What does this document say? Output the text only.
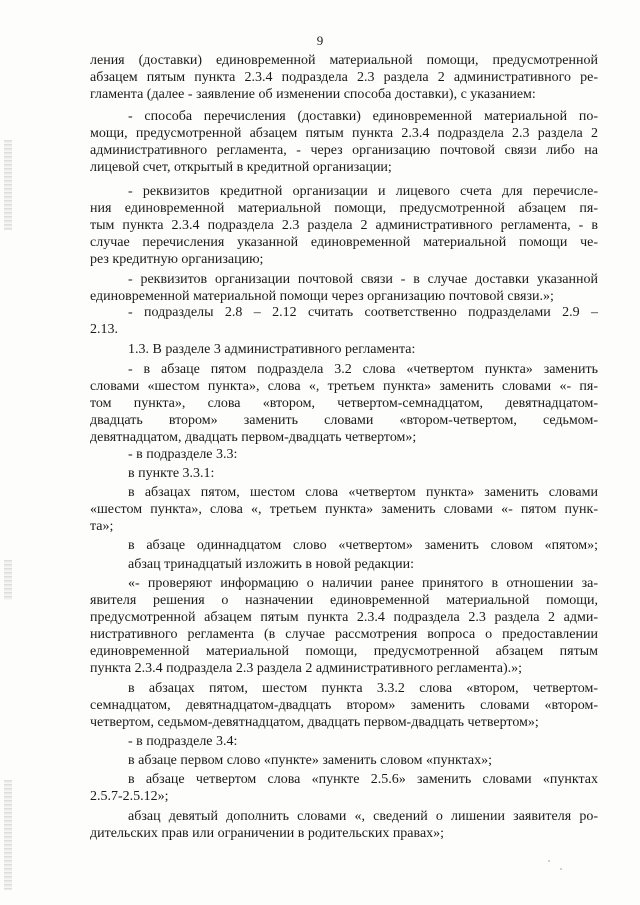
9
ления (доставки) единовременной материальной помощи, предусмотренной
абзацем пятым пункта 2.3.4 подраздела 2.3 раздела 2 административного ре-
гламента (далее - заявление об изменении способа доставки), с указанием:
- способа перечисления (доставки) единовременной материальной по-
мощи, предусмотренной абзацем пятым пункта 2.3.4 подраздела 2.3 раздела 2
административного регламента, - через организацию почтовой связи либо на
лицевой счет, открытый в кредитной организации;
- реквизитов кредитной организации и лицевого счета для перечисле-
ния единовременной материальной помощи, предусмотренной абзацем пя-
тым пункта 2.3.4 подраздела 2.3 раздела 2 административного регламента, - в
случае перечисления указанной единовременной материальной помощи че-
рез кредитную организацию;
- реквизитов организации почтовой связи - в случае доставки указанной
единовременной материальной помощи через организацию почтовой связи.»;
- подразделы 2.8 – 2.12 считать соответственно подразделами 2.9 –
2.13.
1.3. В разделе 3 административного регламента:
- в абзаце пятом подраздела 3.2 слова «четвертом пункта» заменить
словами «шестом пункта», слова «, третьем пункта» заменить словами «- пя-
том пункта», слова «втором, четвертом-семнадцатом, девятнадцатом-
двадцать втором» заменить словами «втором-четвертом, седьмом-
девятнадцатом, двадцать первом-двадцать четвертом»;
- в подразделе 3.3:
в пункте 3.3.1:
в абзацах пятом, шестом слова «четвертом пункта» заменить словами
«шестом пункта», слова «, третьем пункта» заменить словами «- пятом пунк-
та»;
в абзаце одиннадцатом слово «четвертом» заменить словом «пятом»;
абзац тринадцатый изложить в новой редакции:
«- проверяют информацию о наличии ранее принятого в отношении за-
явителя решения о назначении единовременной материальной помощи,
предусмотренной абзацем пятым пункта 2.3.4 подраздела 2.3 раздела 2 адми-
нистративного регламента (в случае рассмотрения вопроса о предоставлении
единовременной материальной помощи, предусмотренной абзацем пятым
пункта 2.3.4 подраздела 2.3 раздела 2 административного регламента).»;
в абзацах пятом, шестом пункта 3.3.2 слова «втором, четвертом-
семнадцатом, девятнадцатом-двадцать втором» заменить словами «втором-
четвертом, седьмом-девятнадцатом, двадцать первом-двадцать четвертом»;
- в подразделе 3.4:
в абзаце первом слово «пункте» заменить словом «пунктах»;
в абзаце четвертом слова «пункте 2.5.6» заменить словами «пунктах
2.5.7-2.5.12»;
абзац девятый дополнить словами «, сведений о лишении заявителя ро-
дительских прав или ограничении в родительских правах»;
